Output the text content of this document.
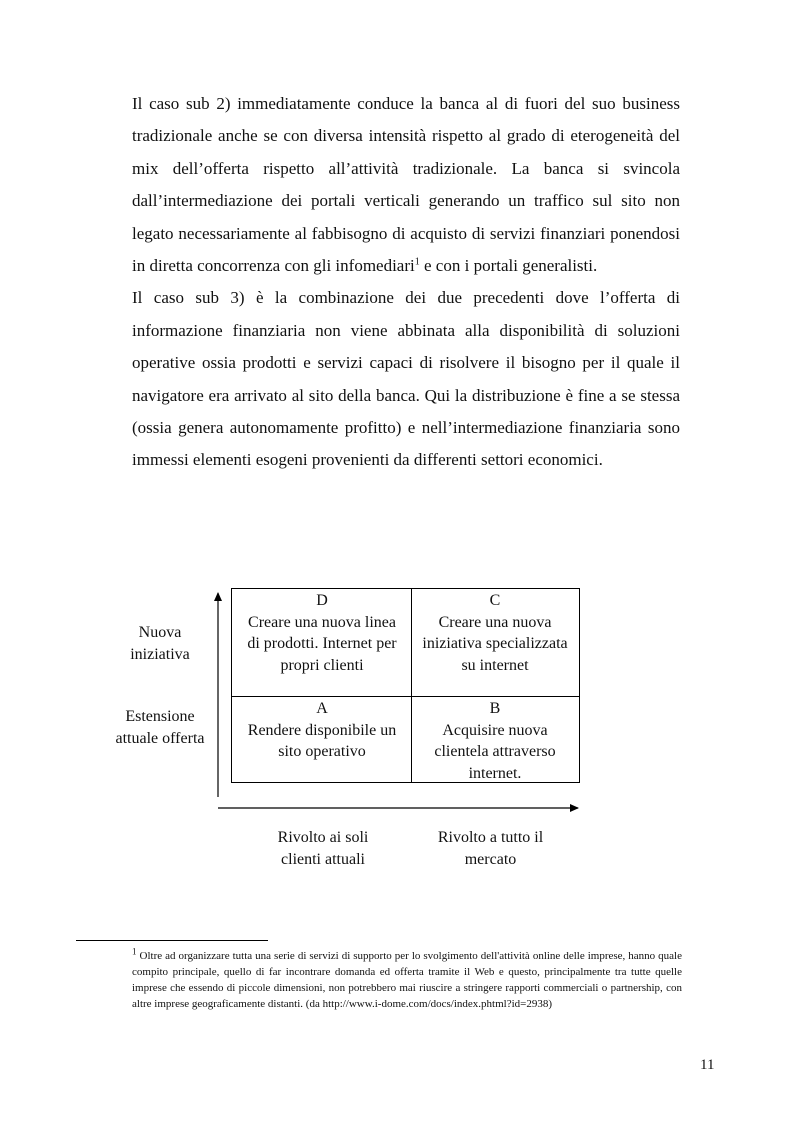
Il caso sub 2) immediatamente conduce la banca al di fuori del suo business tradizionale anche se con diversa intensità rispetto al grado di eterogeneità del mix dell’offerta rispetto all’attività tradizionale. La banca si svincola dall’intermediazione dei portali verticali generando un traffico sul sito non legato necessariamente al fabbisogno di acquisto di servizi finanziari ponendosi in diretta concorrenza con gli infomediari$^1$ e con i portali generalisti.

Il caso sub 3) è la combinazione dei due precedenti dove l’offerta di informazione finanziaria non viene abbinata alla disponibilità di soluzioni operative ossia prodotti e servizi capaci di risolvere il bisogno per il quale il navigatore era arrivato al sito della banca. Qui la distribuzione è fine a se stessa (ossia genera autonomamente profitto) e nell’intermediazione finanziaria sono immessi elementi esogeni provenienti da differenti settori economici.

D
Creare una nuova linea di prodotti. Internet per propri clienti
C
Creare una nuova iniziativa specializzata su internet
A
Rendere disponibile un sito operativo
B
Acquisire nuova clientela attraverso internet.
Nuova iniziativa
Estensione attuale offerta
Rivolto ai soli clienti attuali
Rivolto a tutto il mercato

$^1$ Oltre ad organizzare tutta una serie di servizi di supporto per lo svolgimento dell'attività online delle imprese, hanno quale compito principale, quello di far incontrare domanda ed offerta tramite il Web e questo, principalmente tra tutte quelle imprese che essendo di piccole dimensioni, non potrebbero mai riuscire a stringere rapporti commerciali o partnership, con altre imprese geograficamente distanti. (da http://www.i-dome.com/docs/index.phtml?id=2938)

11
